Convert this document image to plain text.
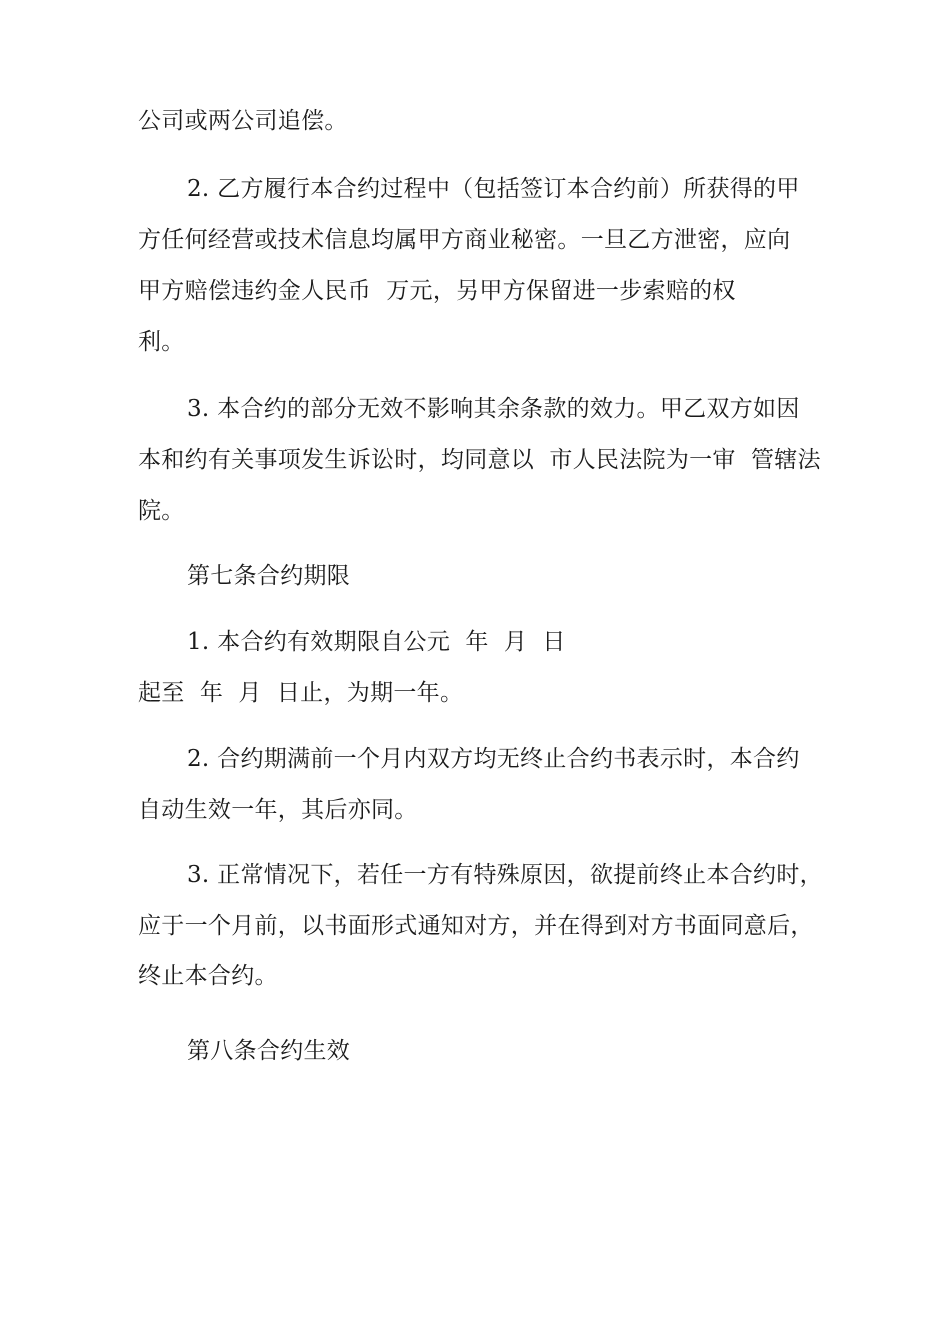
公司或两公司追偿。
2. 乙方履行本合约过程中（包括签订本合约前）所获得的甲
方任何经营或技术信息均属甲方商业秘密。一旦乙方泄密，应向
甲方赔偿违约金人民币  万元，另甲方保留进一步索赔的权
利。
3. 本合约的部分无效不影响其余条款的效力。甲乙双方如因
本和约有关事项发生诉讼时，均同意以  市人民法院为一审  管辖法
院。
第七条合约期限
1. 本合约有效期限自公元  年  月  日
起至  年  月  日止，为期一年。
2. 合约期满前一个月内双方均无终止合约书表示时，本合约
自动生效一年，其后亦同。
3. 正常情况下，若任一方有特殊原因，欲提前终止本合约时，
应于一个月前，以书面形式通知对方，并在得到对方书面同意后，
终止本合约。
第八条合约生效
